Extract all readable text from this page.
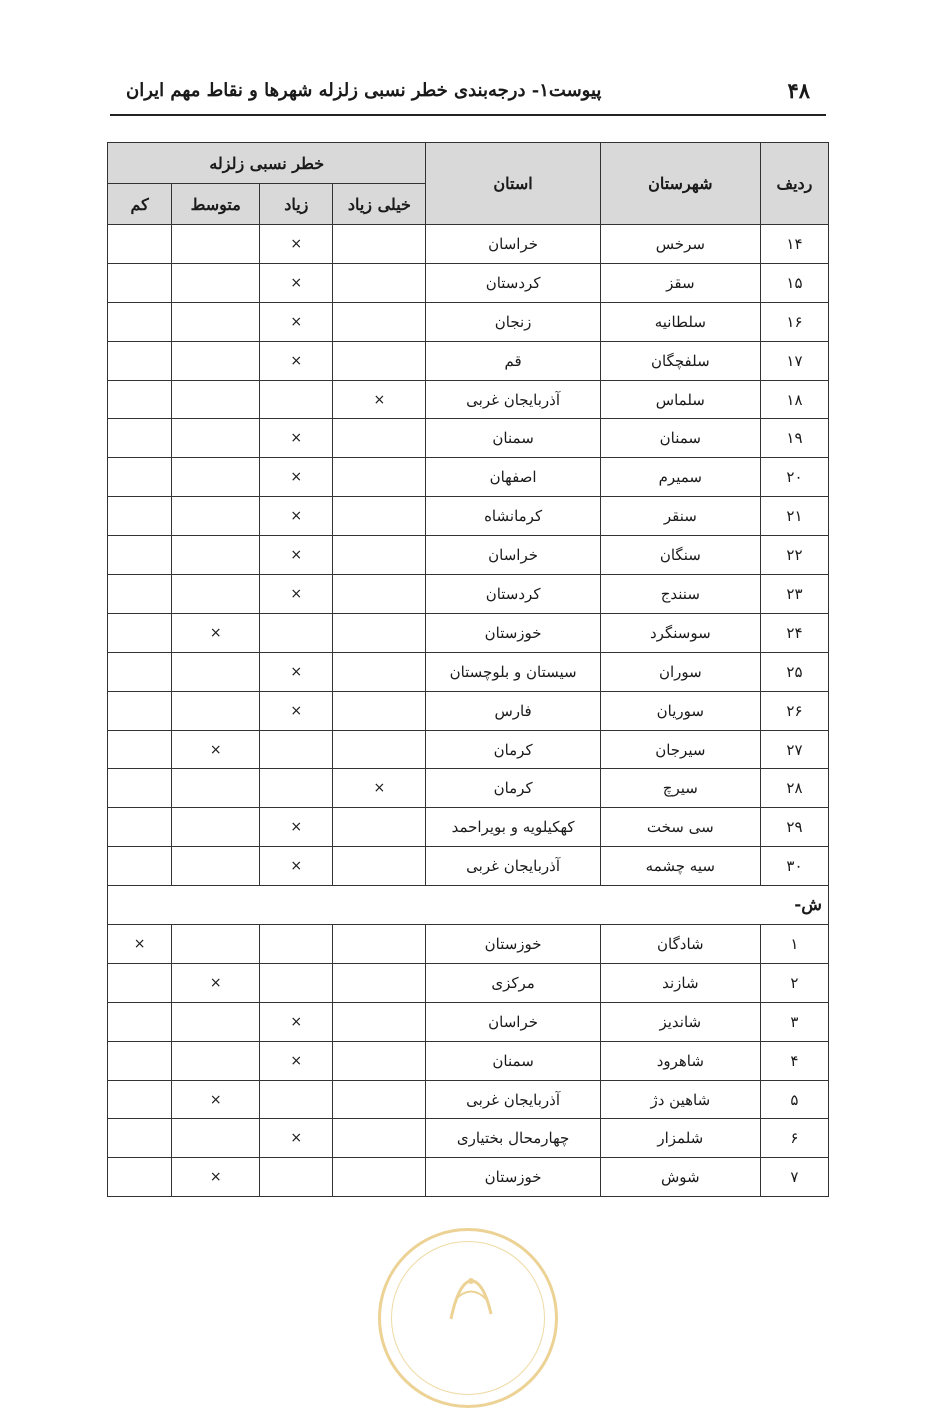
۴۸
پیوست۱- درجه‌بندی خطر نسبی زلزله شهرها و نقاط مهم ایران
ردیف	شهرستان	استان	خطر نسبی زلزله			
			خیلی زیاد	زیاد	متوسط	کم
۱۴	سرخس	خراسان		×		
۱۵	سقز	کردستان		×		
۱۶	سلطانیه	زنجان		×		
۱۷	سلفچگان	قم		×		
۱۸	سلماس	آذربایجان غربی	×			
۱۹	سمنان	سمنان		×		
۲۰	سمیرم	اصفهان		×		
۲۱	سنقر	کرمانشاه		×		
۲۲	سنگان	خراسان		×		
۲۳	سنندج	کردستان		×		
۲۴	سوسنگرد	خوزستان			×	
۲۵	سوران	سیستان و بلوچستان		×		
۲۶	سوریان	فارس		×		
۲۷	سیرجان	کرمان			×	
۲۸	سیرچ	کرمان	×			
۲۹	سی سخت	کهکیلویه و بویراحمد		×		
۳۰	سیه چشمه	آذربایجان غربی		×		
ش-						
۱	شادگان	خوزستان				×
۲	شازند	مرکزی			×	
۳	شاندیز	خراسان		×		
۴	شاهرود	سمنان		×		
۵	شاهین دژ	آذربایجان غربی			×	
۶	شلمزار	چهارمحال بختیاری		×		
۷	شوش	خوزستان			×	
